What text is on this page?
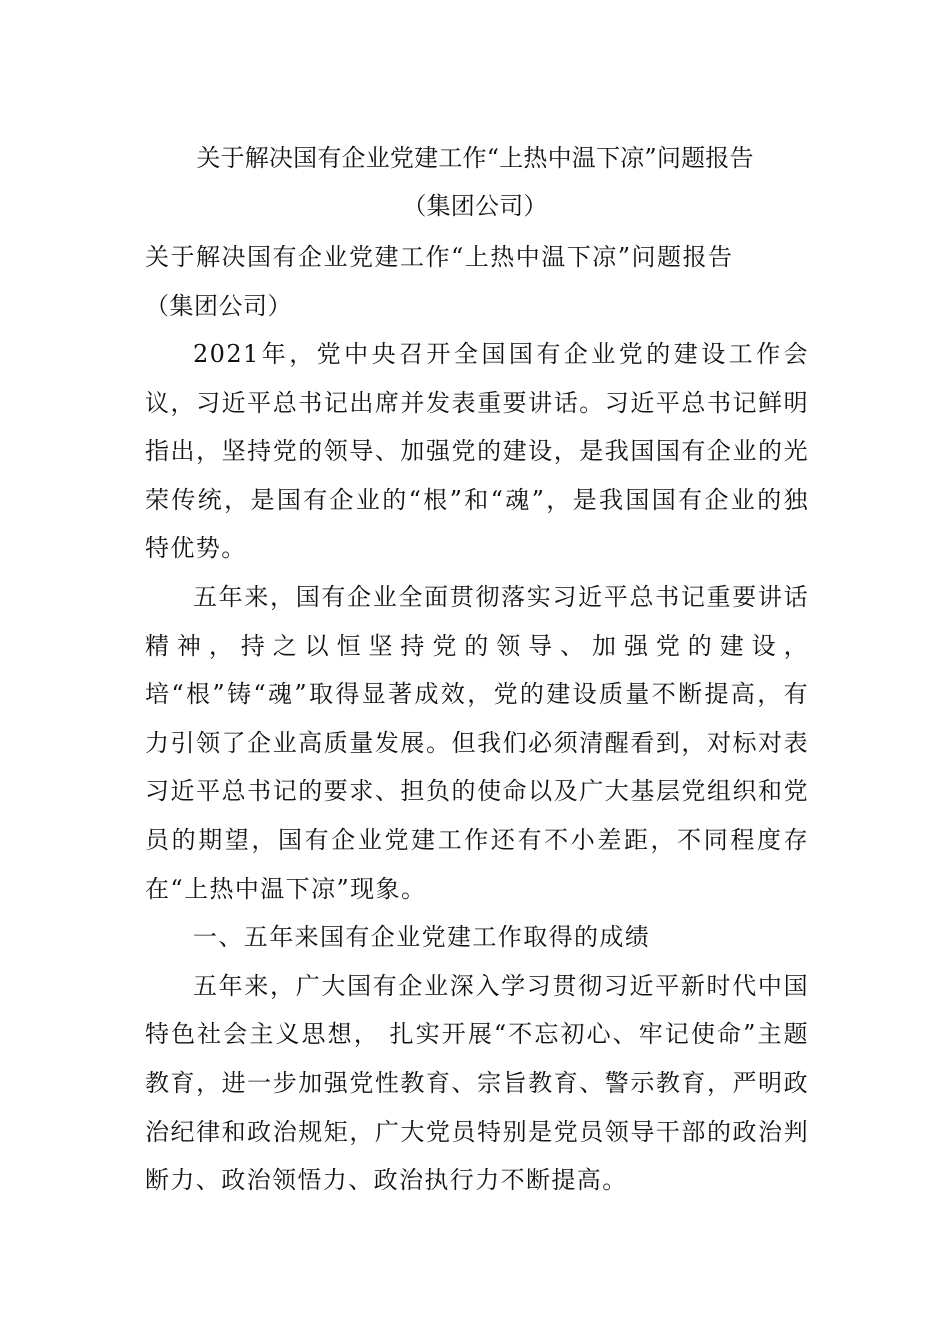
关于解决国有企业党建工作“上热中温下凉”问题报告
（集团公司）
关于解决国有企业党建工作“上热中温下凉”问题报告
（集团公司）

2021年，党中央召开全国国有企业党的建设工作会议，习近平总书记出席并发表重要讲话。习近平总书记鲜明指出，坚持党的领导、加强党的建设，是我国国有企业的光荣传统，是国有企业的“根”和“魂”，是我国国有企业的独特优势。

五年来，国有企业全面贯彻落实习近平总书记重要讲话精神，持之以恒坚持党的领导、加强党的建设，培“根”铸“魂”取得显著成效，党的建设质量不断提高，有力引领了企业高质量发展。但我们必须清醒看到，对标对表习近平总书记的要求、担负的使命以及广大基层党组织和党员的期望，国有企业党建工作还有不小差距，不同程度存在“上热中温下凉”现象。

一、五年来国有企业党建工作取得的成绩

五年来，广大国有企业深入学习贯彻习近平新时代中国特色社会主义思想， 扎实开展“不忘初心、牢记使命”主题教育，进一步加强党性教育、宗旨教育、警示教育，严明政治纪律和政治规矩，广大党员特别是党员领导干部的政治判断力、政治领悟力、政治执行力不断提高。
